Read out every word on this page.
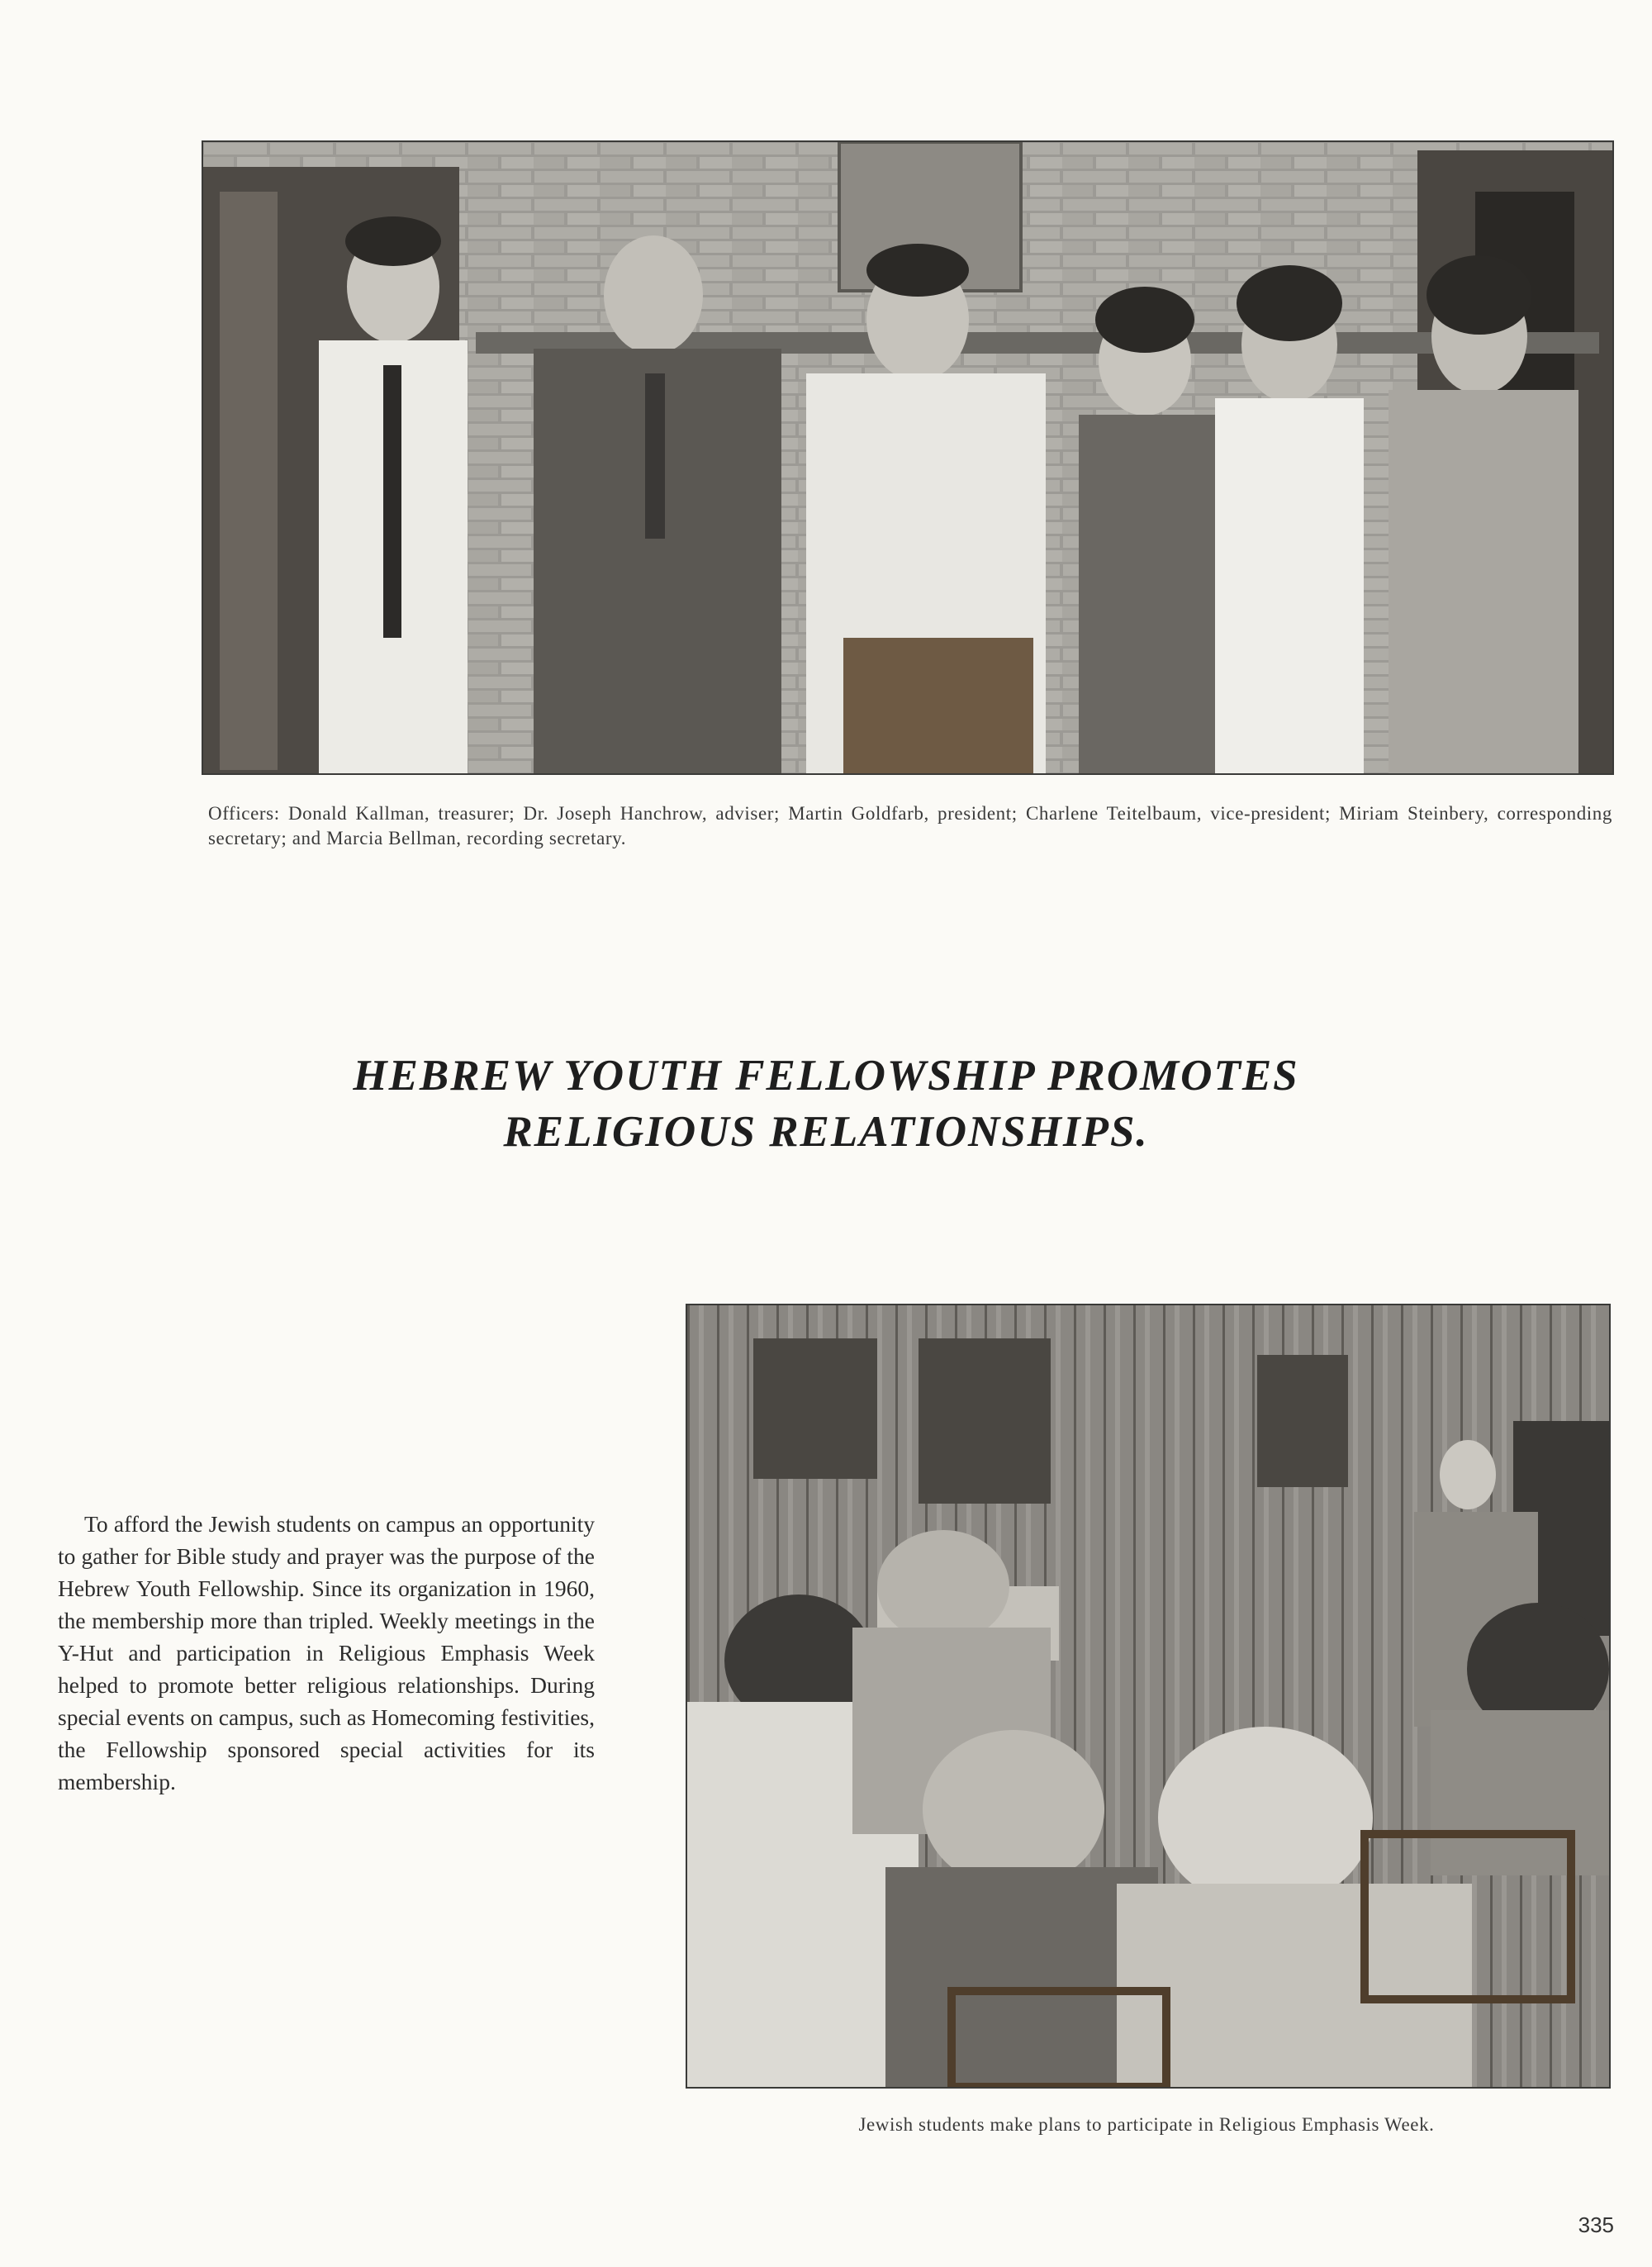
Officers: Donald Kallman, treasurer; Dr. Joseph Hanchrow, adviser; Martin Goldfarb, president; Charlene Teitelbaum, vice-president; Miriam Steinbery, corresponding secretary; and Marcia Bellman, recording secretary.
HEBREW YOUTH FELLOWSHIP PROMOTES
RELIGIOUS RELATIONSHIPS.

To afford the Jewish students on campus an opportunity to gather for Bible study and prayer was the purpose of the Hebrew Youth Fellowship. Since its organization in 1960, the membership more than tripled. Weekly meetings in the Y-Hut and participation in Religious Emphasis Week helped to promote better religious relationships. During special events on campus, such as Homecoming festivities, the Fellowship sponsored special activities for its membership.

Jewish students make plans to participate in Religious Emphasis Week.
335
